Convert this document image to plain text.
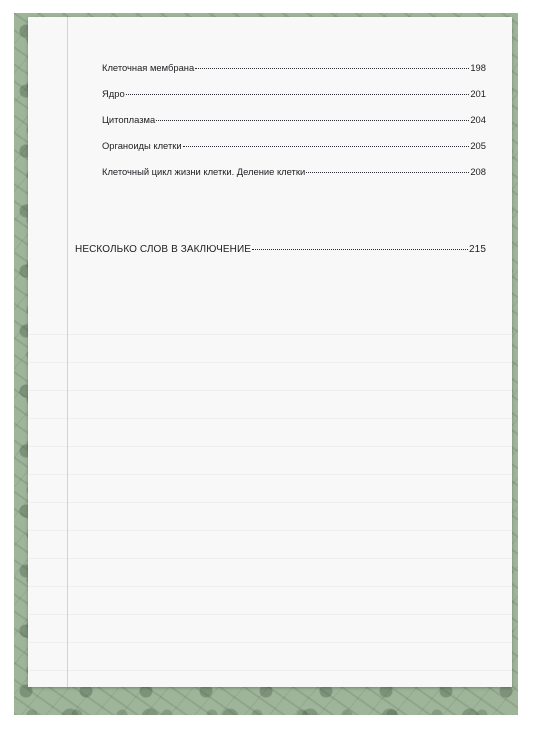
Клеточная мембрана	198
Ядро	201
Цитоплазма	204
Органоиды клетки	205
Клеточный цикл жизни клетки. Деление клетки	208
НЕСКОЛЬКО СЛОВ В ЗАКЛЮЧЕНИЕ	215
